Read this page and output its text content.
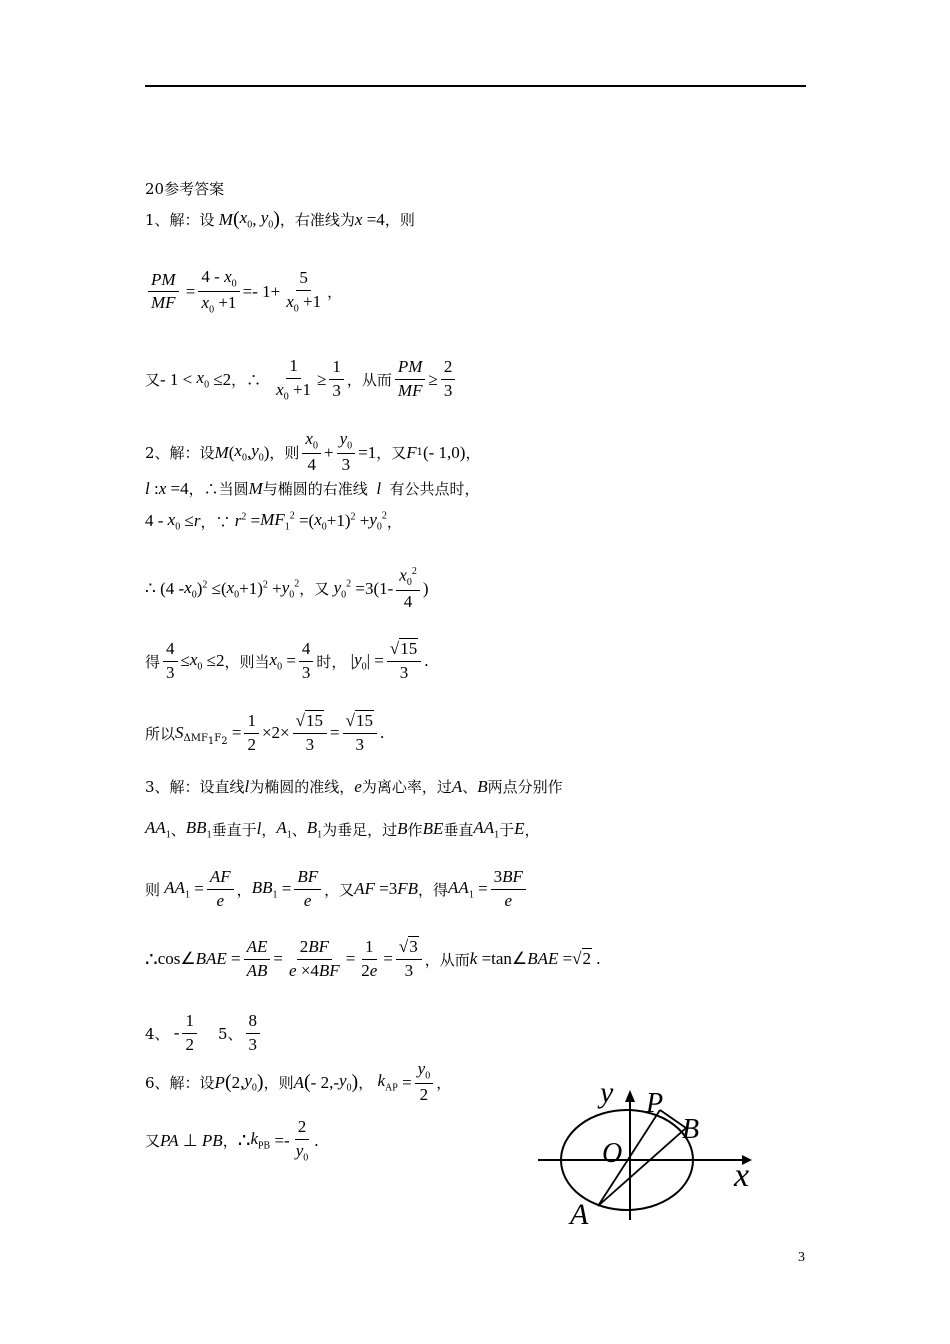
20参考答案
1、解：设 M ( $x_0$ , $y_0$ ) ，右准线为 x =4 ，则
$\frac{PM}{MF} = \frac{4 - x_0}{x_0 +1} =- 1+ \frac{5}{x_0 +1}$ ，
又 - $1 < x_0 \le 2$ ，∴ $\frac{1}{x_0 +1} \ge \frac{1}{3}$ ，从而 $\frac{PM}{MF} \ge \frac{2}{3}$
2、解：设 M ( $x_0$ , $y_0$ ) ，则 $\frac{x_0}{4} + \frac{y_0}{3} =1$ ，又 F 1 (- 1,0) ，
l : x =4 ，∴当圆 M 与椭圆的右准线 l 有公共点时，
$4 - x_0 \le r$ ，∵ $r^2 = MF_1^2$ =( $x_0 +1)^2 + y_0^2$ ，
∴ ($4 - x_0$ )$^2$ ≤( $x_0 +1)^2 + y_0^2$ ，又 $y_0^2 =3(1- \frac{x_0^2}{4}$ )
得 $\frac{4}{3} \le x_0 \le 2$ ，则当 $x_0 = \frac{4}{3}$ 时， | $y_0$ | = $\frac{√15}{3}$ .
所以 $S_{\Delta MF_1F_2} = \frac{1}{2} \times 2\times \frac{√15}{3} = \frac{√15}{3}$ .
3、解：设直线 l 为椭圆的准线， e 为离心率，过 A 、 B 两点分别作
$AA_1$ 、 $BB_1$ 垂直于 l ， $A_1$ 、 $B_1$ 为垂足，过 B 作 BE 垂直 $AA_1$ 于 E ，
则 $AA_1 = \frac{AF}{e}$ ， $BB_1 = \frac{BF}{e}$ ，又 AF =3 FB ，得 $AA_1 = \frac{3BF}{e}$
∴ cos∠ BAE = $\frac{AE}{AB} = \frac{2BF}{e \times 4BF} = \frac{1}{2e} = \frac{√3}{3}$ ，从而 k =tan∠ BAE =√2 .
4、 - $\frac{1}{2} 5$、 $\frac{8}{3}$
6、解：设 P ( 2, $y_0$ ) ，则 A ( - 2,- $y_0$ ) ， $k_{AP} = \frac{y_0}{2}$ ，
又 PA ⊥ PB ， ∴ $k_{PB} =- \frac{2}{y_0}$ .
y P
B
O
x
A
3
